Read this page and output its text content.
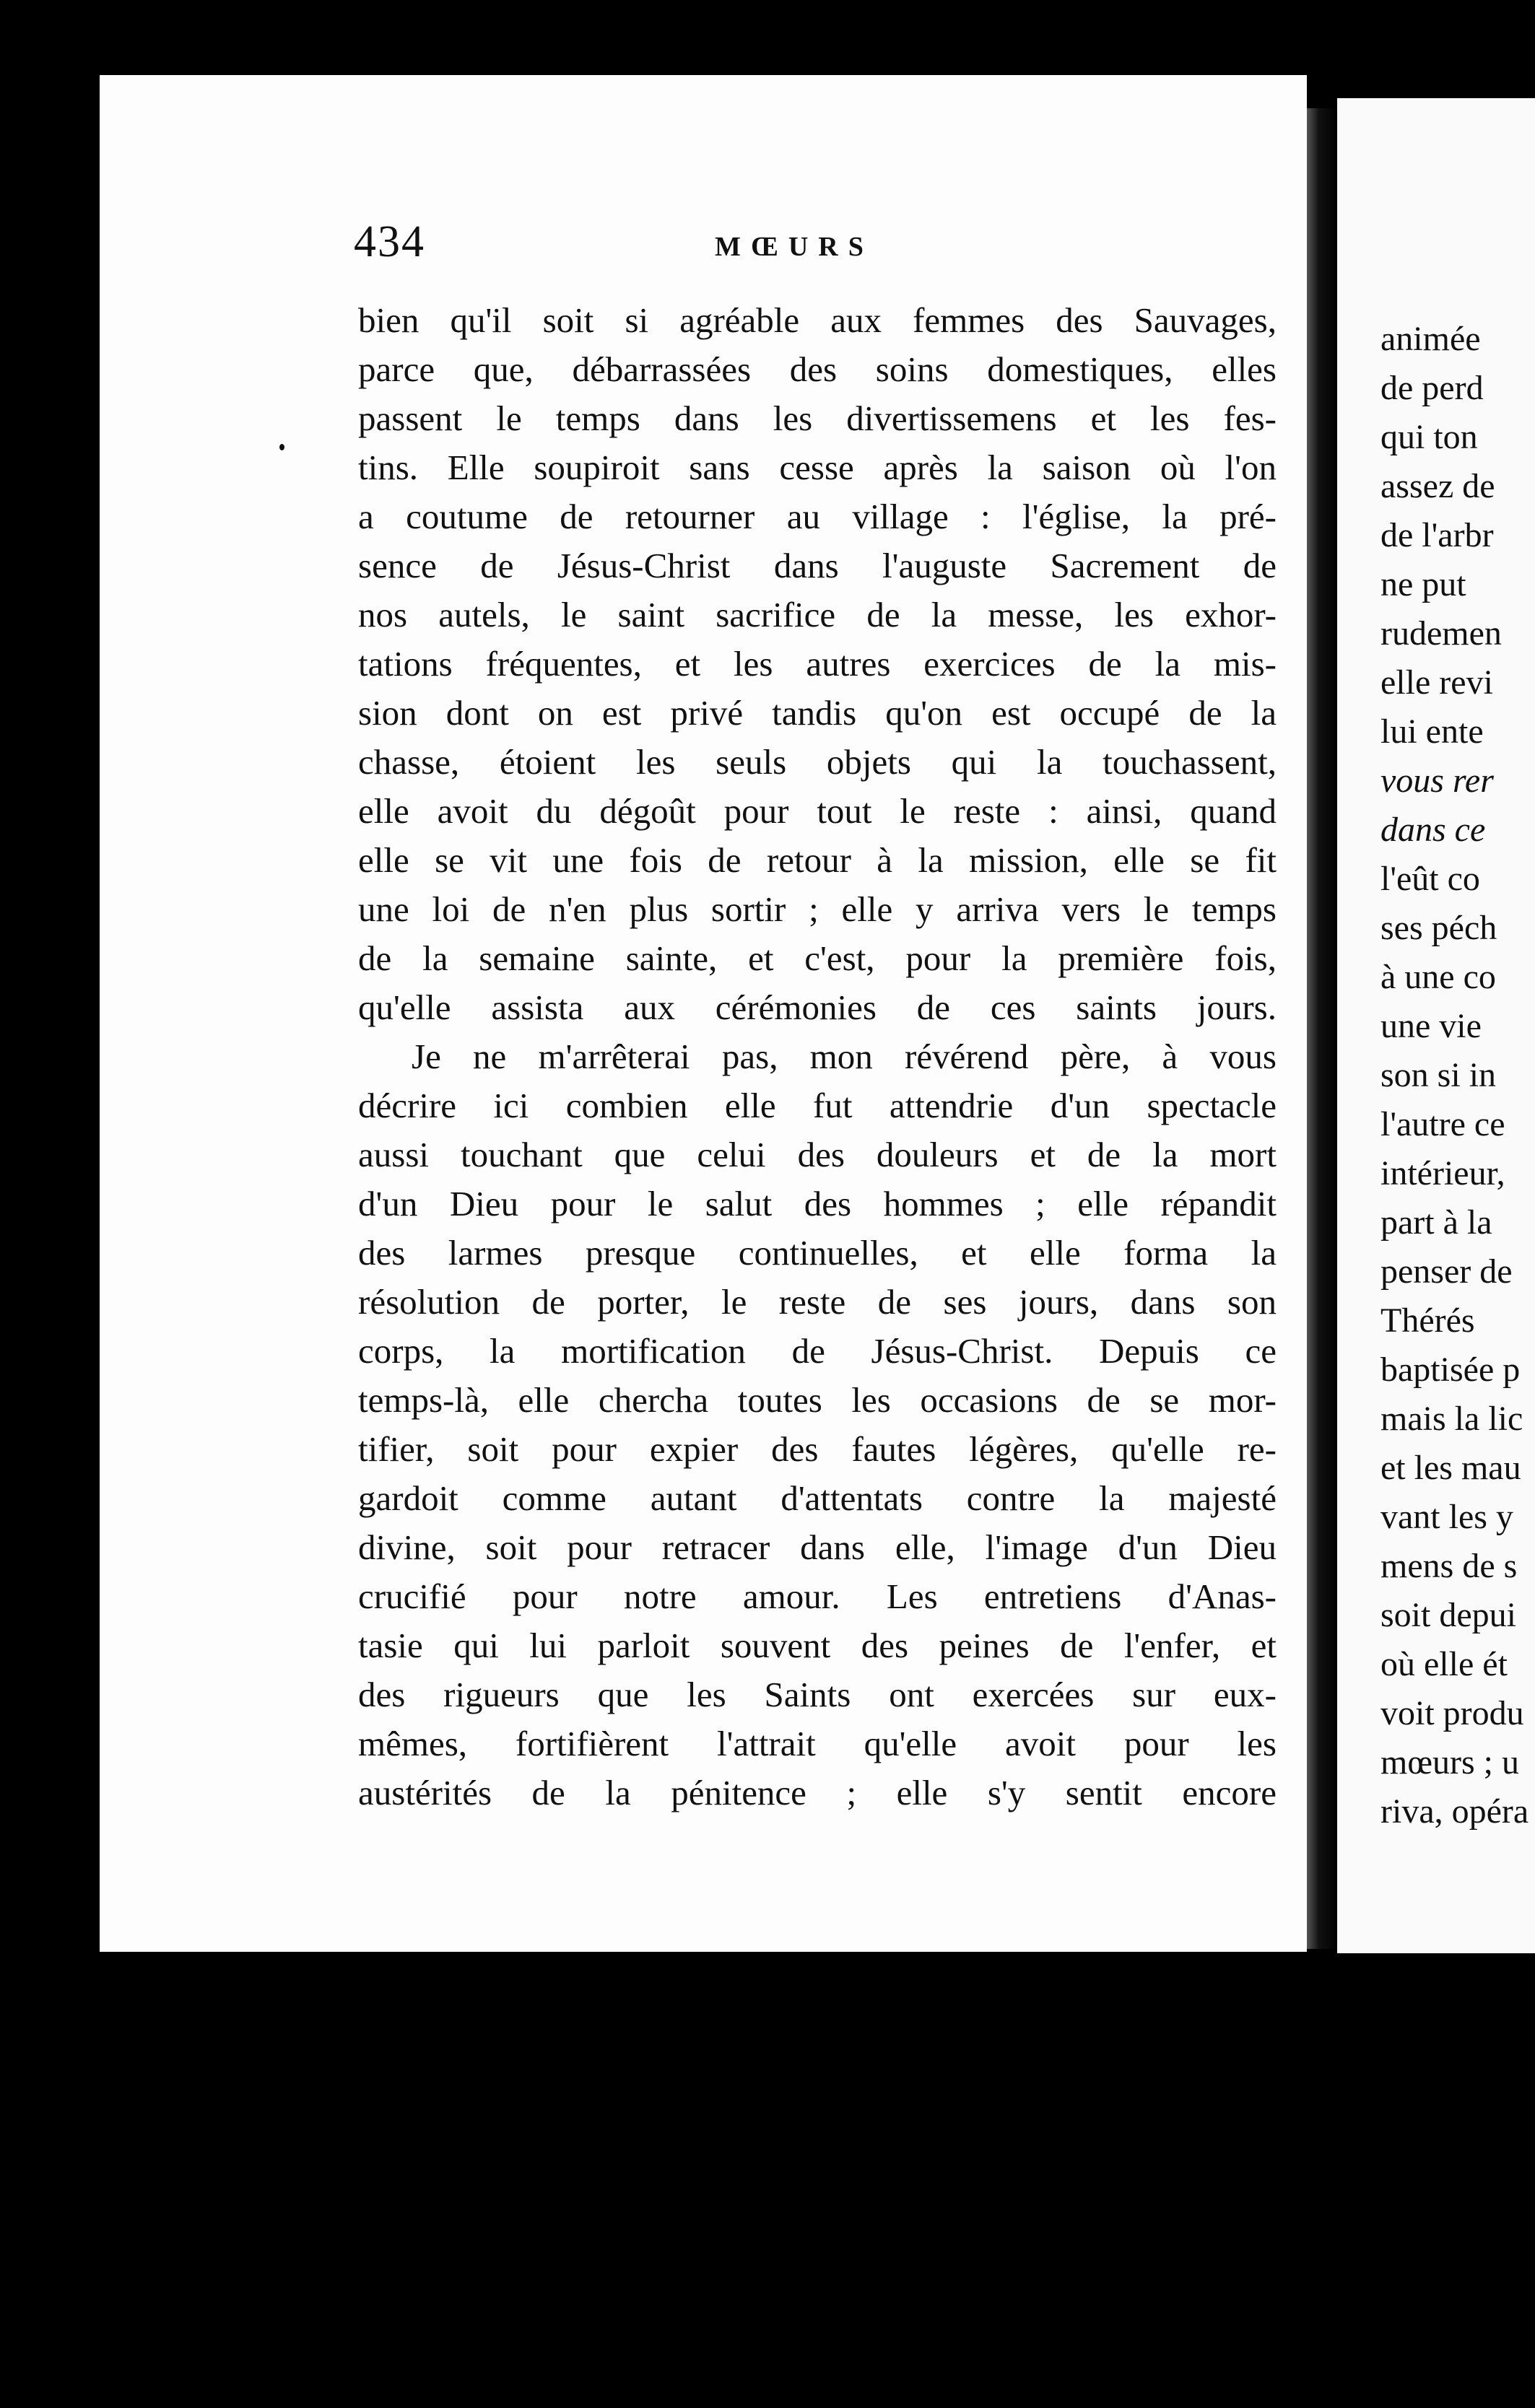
animée
de perd
qui ton
assez de
de l'arbr
ne put
rudemen
elle revi
lui ente
vous rer
dans ce
l'eût co
ses péch
à une co
une vie
son si in
l'autre ce
intérieur,
part à la
penser de
Thérés
baptisée p
mais la lic
et les mau
vant les y
mens de s
soit depui
où elle ét
voit produ
mœurs ; u
riva, opéra
434	MŒURS
bien qu'il soit si agréable aux femmes des Sauvages,
parce que, débarrassées des soins domestiques, elles
passent le temps dans les divertissemens et les fes-
tins. Elle soupiroit sans cesse après la saison où l'on
a coutume de retourner au village : l'église, la pré-
sence de Jésus-Christ dans l'auguste Sacrement de
nos autels, le saint sacrifice de la messe, les exhor-
tations fréquentes, et les autres exercices de la mis-
sion dont on est privé tandis qu'on est occupé de la
chasse, étoient les seuls objets qui la touchassent,
elle avoit du dégoût pour tout le reste : ainsi, quand
elle se vit une fois de retour à la mission, elle se fit
une loi de n'en plus sortir ; elle y arriva vers le temps
de la semaine sainte, et c'est, pour la première fois,
qu'elle assista aux cérémonies de ces saints jours.
Je ne m'arrêterai pas, mon révérend père, à vous
décrire ici combien elle fut attendrie d'un spectacle
aussi touchant que celui des douleurs et de la mort
d'un Dieu pour le salut des hommes ; elle répandit
des larmes presque continuelles, et elle forma la
résolution de porter, le reste de ses jours, dans son
corps, la mortification de Jésus-Christ. Depuis ce
temps-là, elle chercha toutes les occasions de se mor-
tifier, soit pour expier des fautes légères, qu'elle re-
gardoit comme autant d'attentats contre la majesté
divine, soit pour retracer dans elle, l'image d'un Dieu
crucifié pour notre amour. Les entretiens d'Anas-
tasie qui lui parloit souvent des peines de l'enfer, et
des rigueurs que les Saints ont exercées sur eux-
mêmes, fortifièrent l'attrait qu'elle avoit pour les
austérités de la pénitence ; elle s'y sentit encore
